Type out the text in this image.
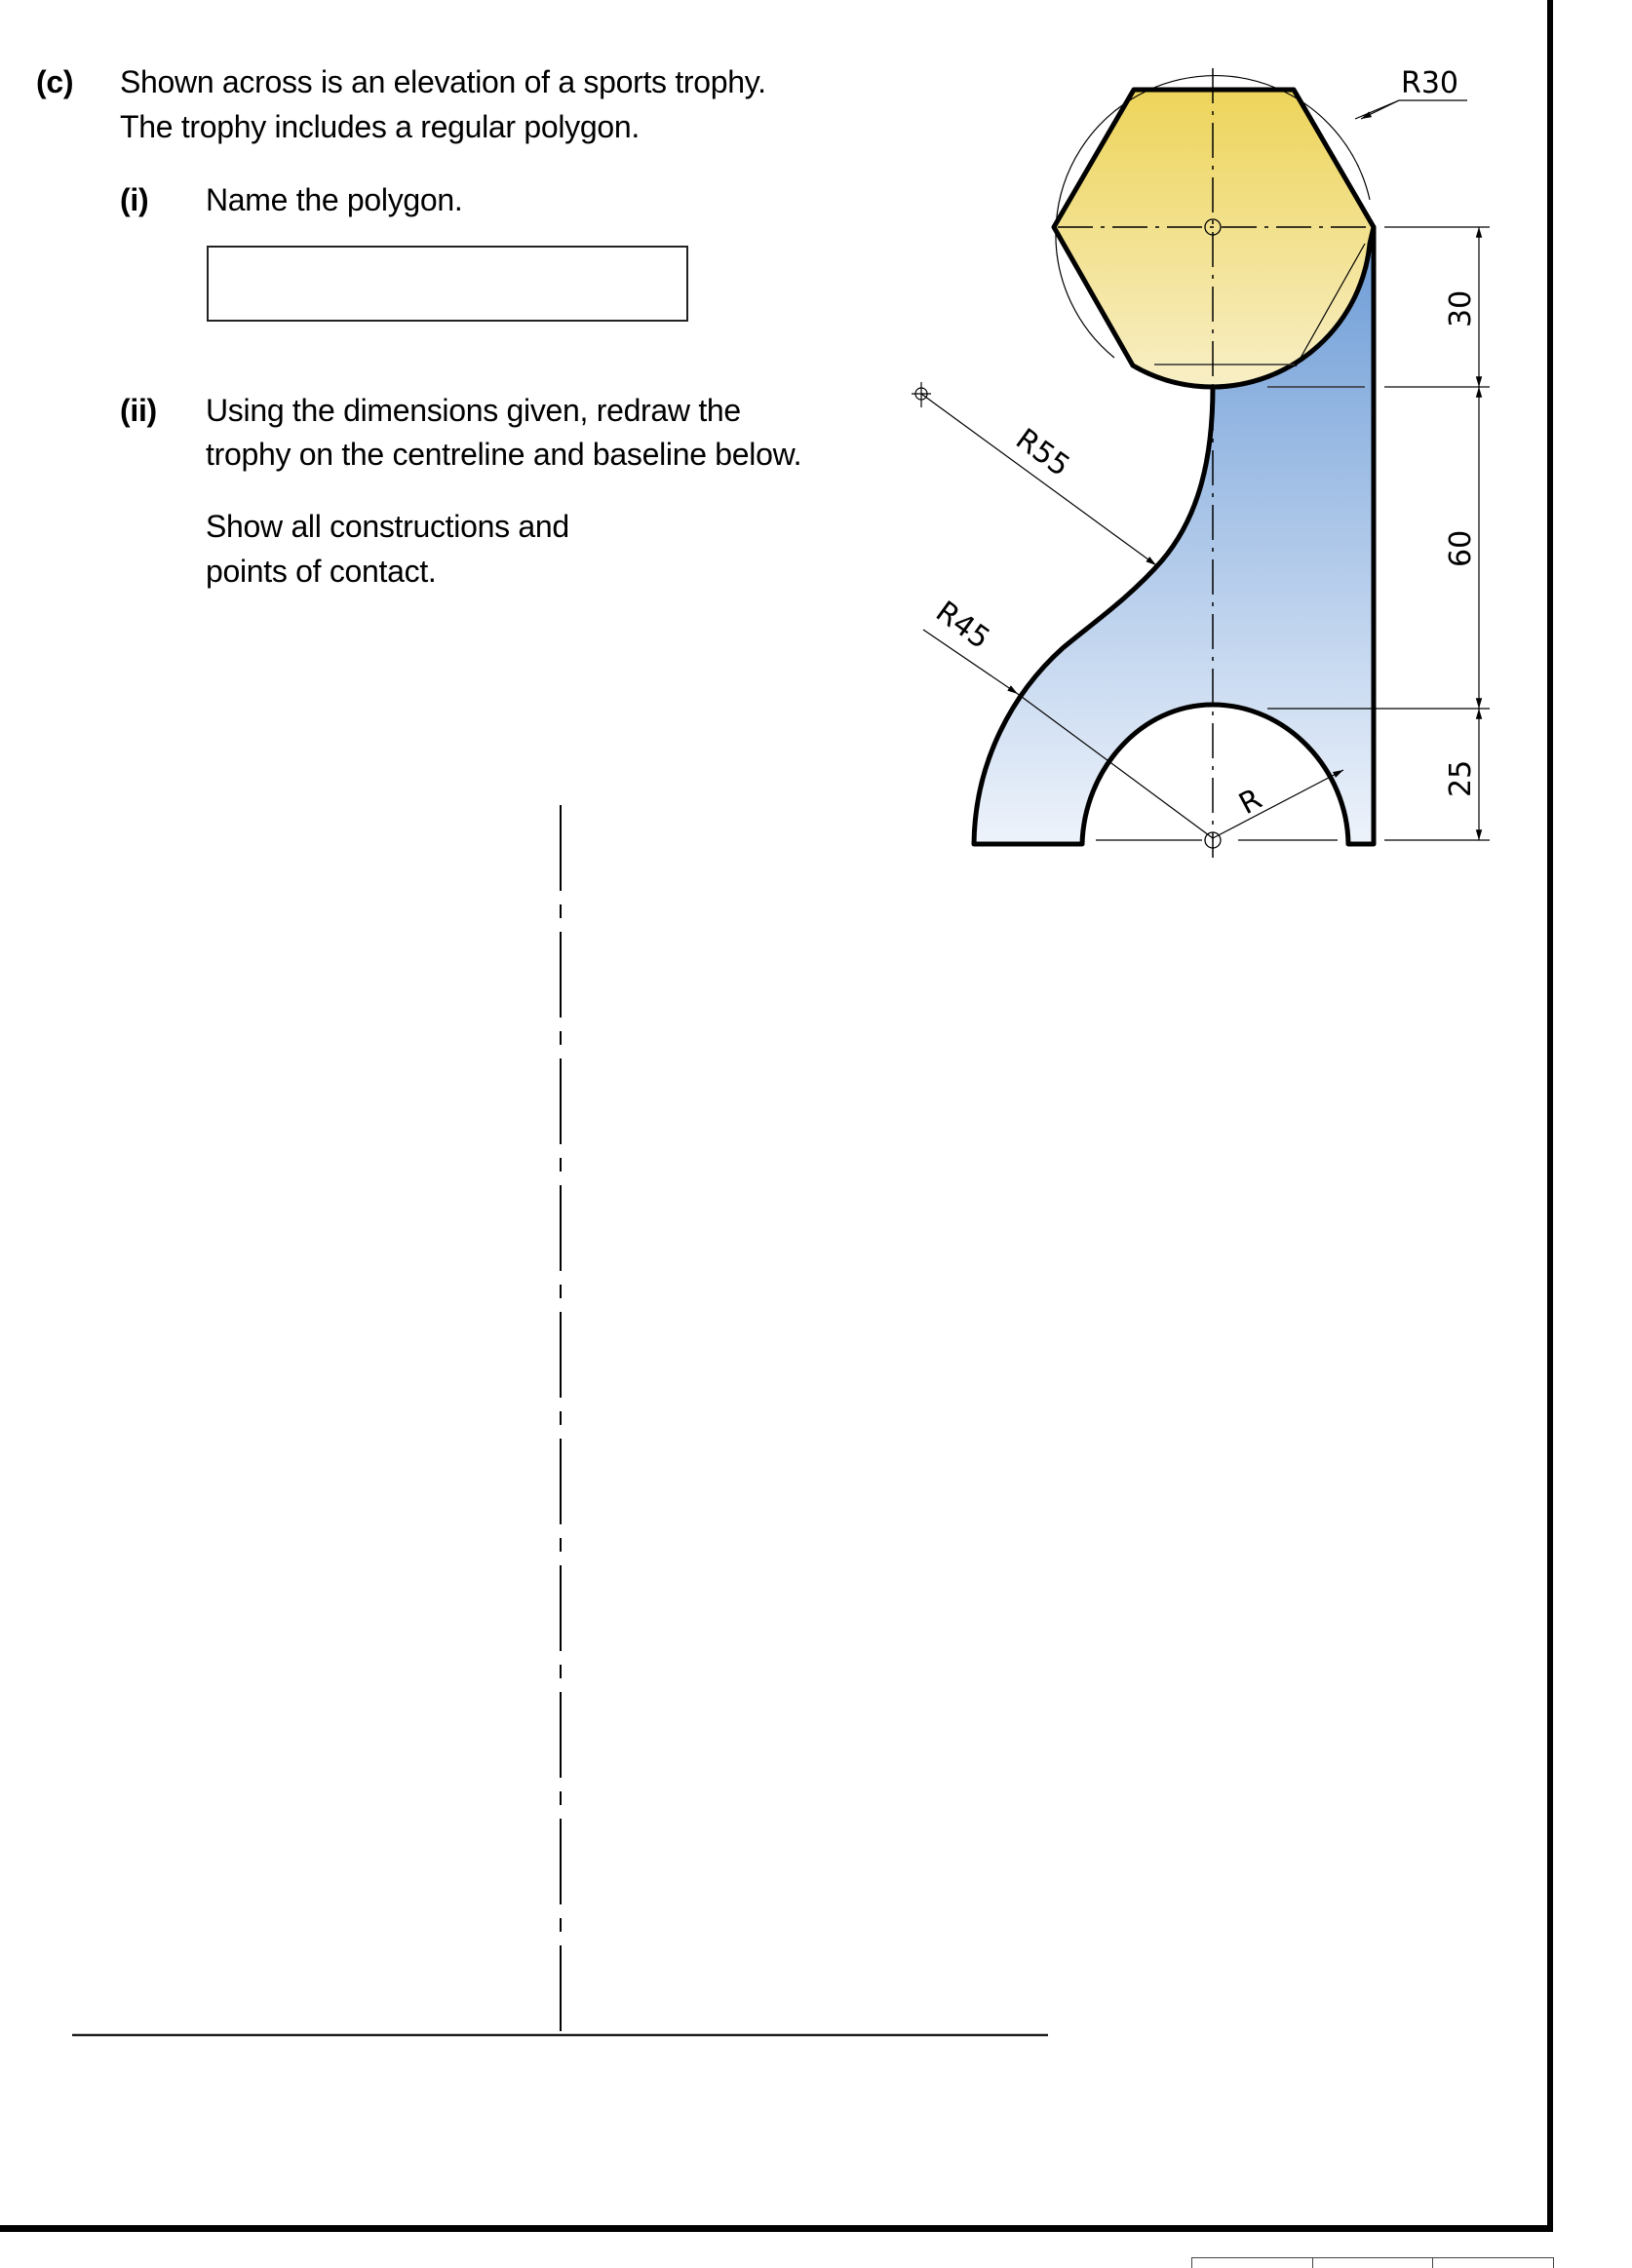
(c) Shown across is an elevation of a sports trophy.
The trophy includes a regular polygon.
(i) Name the polygon.
(ii) Using the dimensions given, redraw the
trophy on the centreline and baseline below.
Show all constructions and
points of contact.
R30
R55
R45
R
30
60
25
